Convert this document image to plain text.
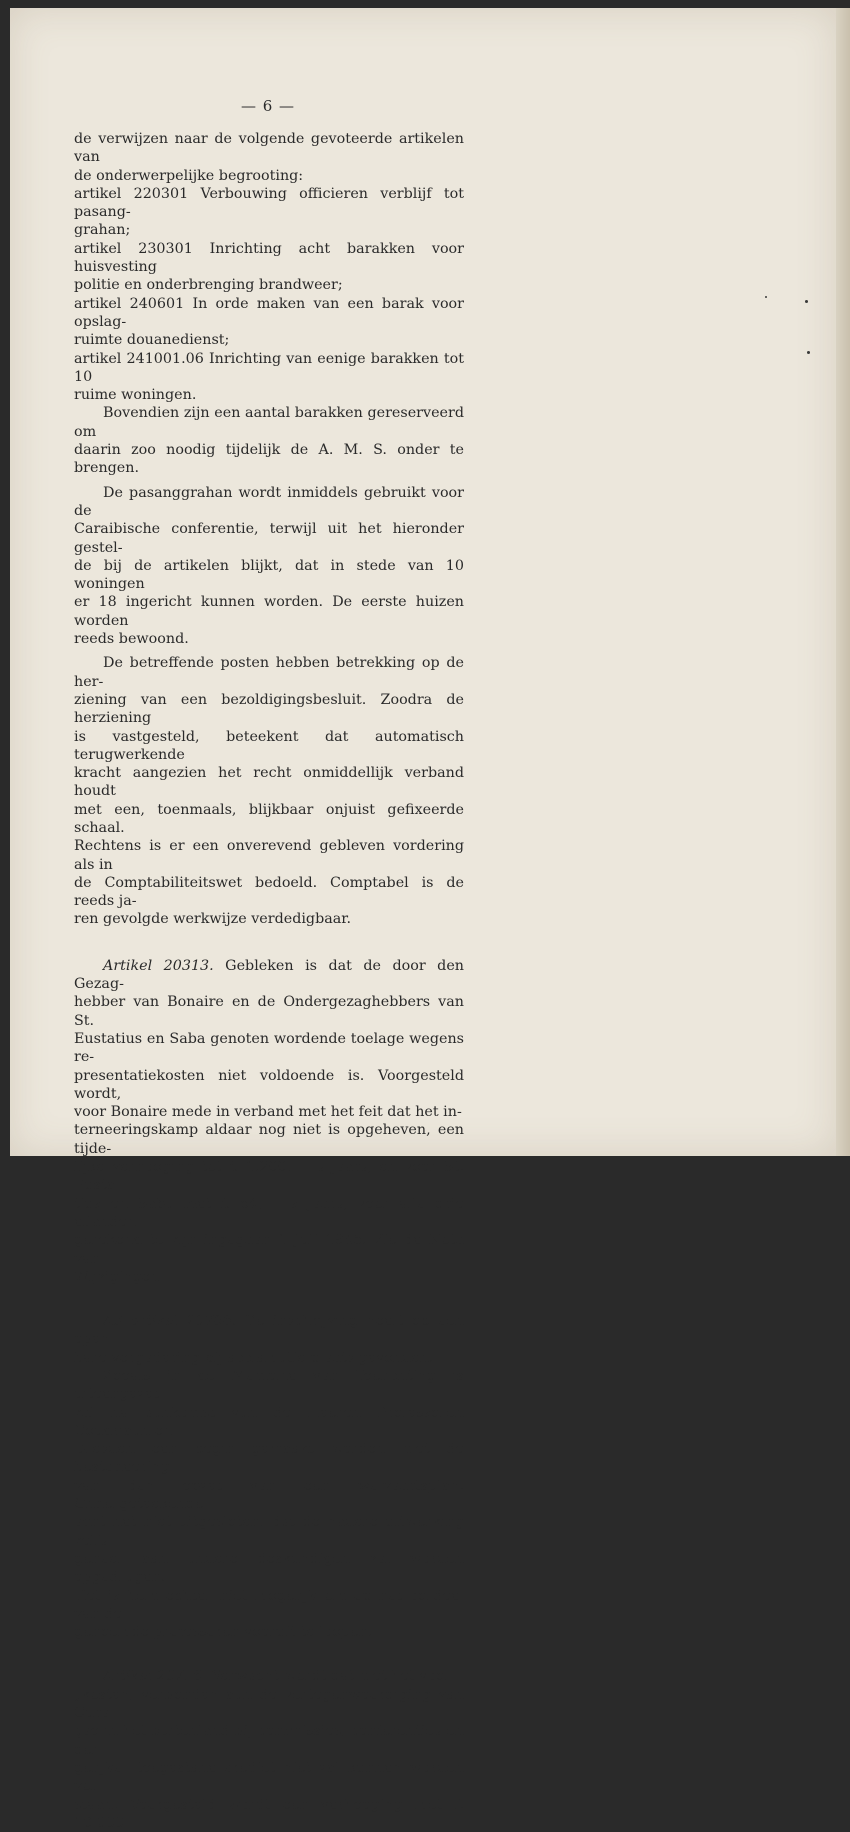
— 6 —

de verwijzen naar de volgende gevoteerde artikelen van
de onderwerpelijke begrooting:
artikel 220301 Verbouwing officieren verblijf tot pasang-
grahan;
artikel 230301 Inrichting acht barakken voor huisvesting
politie en onderbrenging brandweer;
artikel 240601 In orde maken van een barak voor opslag-
ruimte douanedienst;
artikel 241001.06 Inrichting van eenige barakken tot 10
ruime woningen.

Bovendien zijn een aantal barakken gereserveerd om
daarin zoo noodig tijdelijk de A. M. S. onder te brengen.

De pasanggrahan wordt inmiddels gebruikt voor de
Caraibische conferentie, terwijl uit het hieronder gestel-
de bij de artikelen blijkt, dat in stede van 10 woningen
er 18 ingericht kunnen worden. De eerste huizen worden
reeds bewoond.

De betreffende posten hebben betrekking op de her-
ziening van een bezoldigingsbesluit. Zoodra de herziening
is vastgesteld, beteekent dat automatisch terugwerkende
kracht aangezien het recht onmiddellijk verband houdt
met een, toenmaals, blijkbaar onjuist gefixeerde schaal.
Rechtens is er een onverevend gebleven vordering als in
de Comptabiliteitswet bedoeld. Comptabel is de reeds ja-
ren gevolgde werkwijze verdedigbaar.

Artikel 20313. Gebleken is dat de door den Gezag-
hebber van Bonaire en de Ondergezaghebbers van St.
Eustatius en Saba genoten wordende toelage wegens re-
presentatiekosten niet voldoende is. Voorgesteld wordt,
voor Bonaire mede in verband met het feit dat het in-
terneeringskamp aldaar nog niet is opgeheven, een tijde-
lijke verhooging tot f. 1.200,— 's jaars, en voor St. Eusta-
tius en Saba met f. 84,— 's jaars, voor alle drie eilanden
gerekend te zijn ingegaan 1 Juli 1946. Zie de Nota van
Wijzigingen.

Ad artikel 20706. De inschrijving heeft op een open-
bare vergadering bij acclamatie plaats gevonden.

Zooals in de Memorie van Toelichting is uiteengezet
zal na aankomst van de Heeren Professoren Goudriaan en
Dresden een begin gemaakt worden met de bestudeering
van den opzet van een welvaartsplan. Ondergeteekende
acht het niet uitgesloten, dat de nadere uitwerking zelfs
geheel aan andere deskundigen zal worden opgedragen.
Het is hem echter niet mogelijk om op het oordeel van de
genoemde professoren vooruit te loopen.

Artikel 20716. Verwacht wordt dat met het voor
„kosten, verbonden aan de vertegenwoordiging van Cura-
çao in het buitenland bij commissies, conferenties en der-
gelijke" toegestane crediet niet zal kunnen worden vol-
staan. Voorgesteld wordt een verhooging met f. 10.000,—
